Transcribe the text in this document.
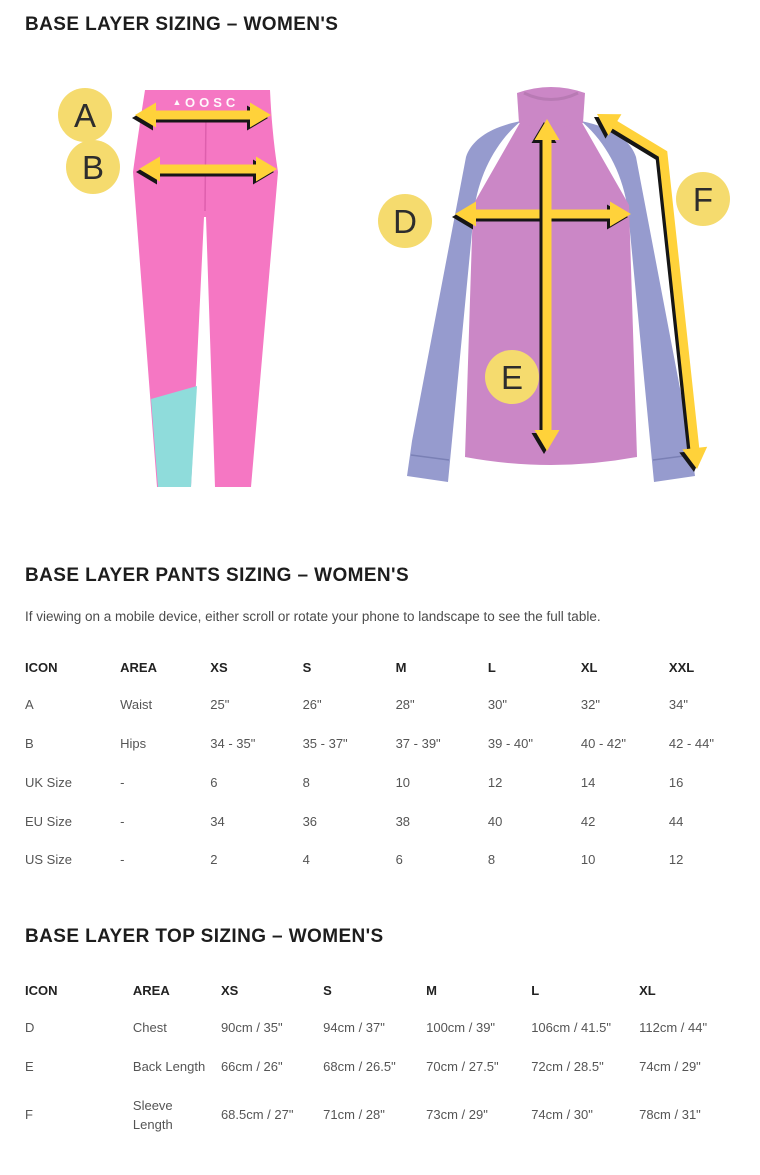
BASE LAYER SIZING – WOMEN'S
▲ OOSC
A
B
D
E
F
BASE LAYER PANTS SIZING – WOMEN'S

If viewing on a mobile device, either scroll or rotate your phone to landscape to see the full table.

ICON	AREA	XS	S	M	L	XL	XXL
A	Waist	25"	26"	28"	30"	32"	34"
B	Hips	34 - 35"	35 - 37"	37 - 39"	39 - 40"	40 - 42"	42 - 44"
UK Size	-	6	8	10	12	14	16
EU Size	-	34	36	38	40	42	44
US Size	-	2	4	6	8	10	12
BASE LAYER TOP SIZING – WOMEN'S
ICON	AREA	XS	S	M	L	XL
D	Chest	90cm / 35"	94cm / 37"	100cm / 39"	106cm / 41.5"	112cm / 44"
E	Back Length	66cm / 26"	68cm / 26.5"	70cm / 27.5"	72cm / 28.5"	74cm / 29"
F	Sleeve Length	68.5cm / 27"	71cm / 28"	73cm / 29"	74cm / 30"	78cm / 31"
